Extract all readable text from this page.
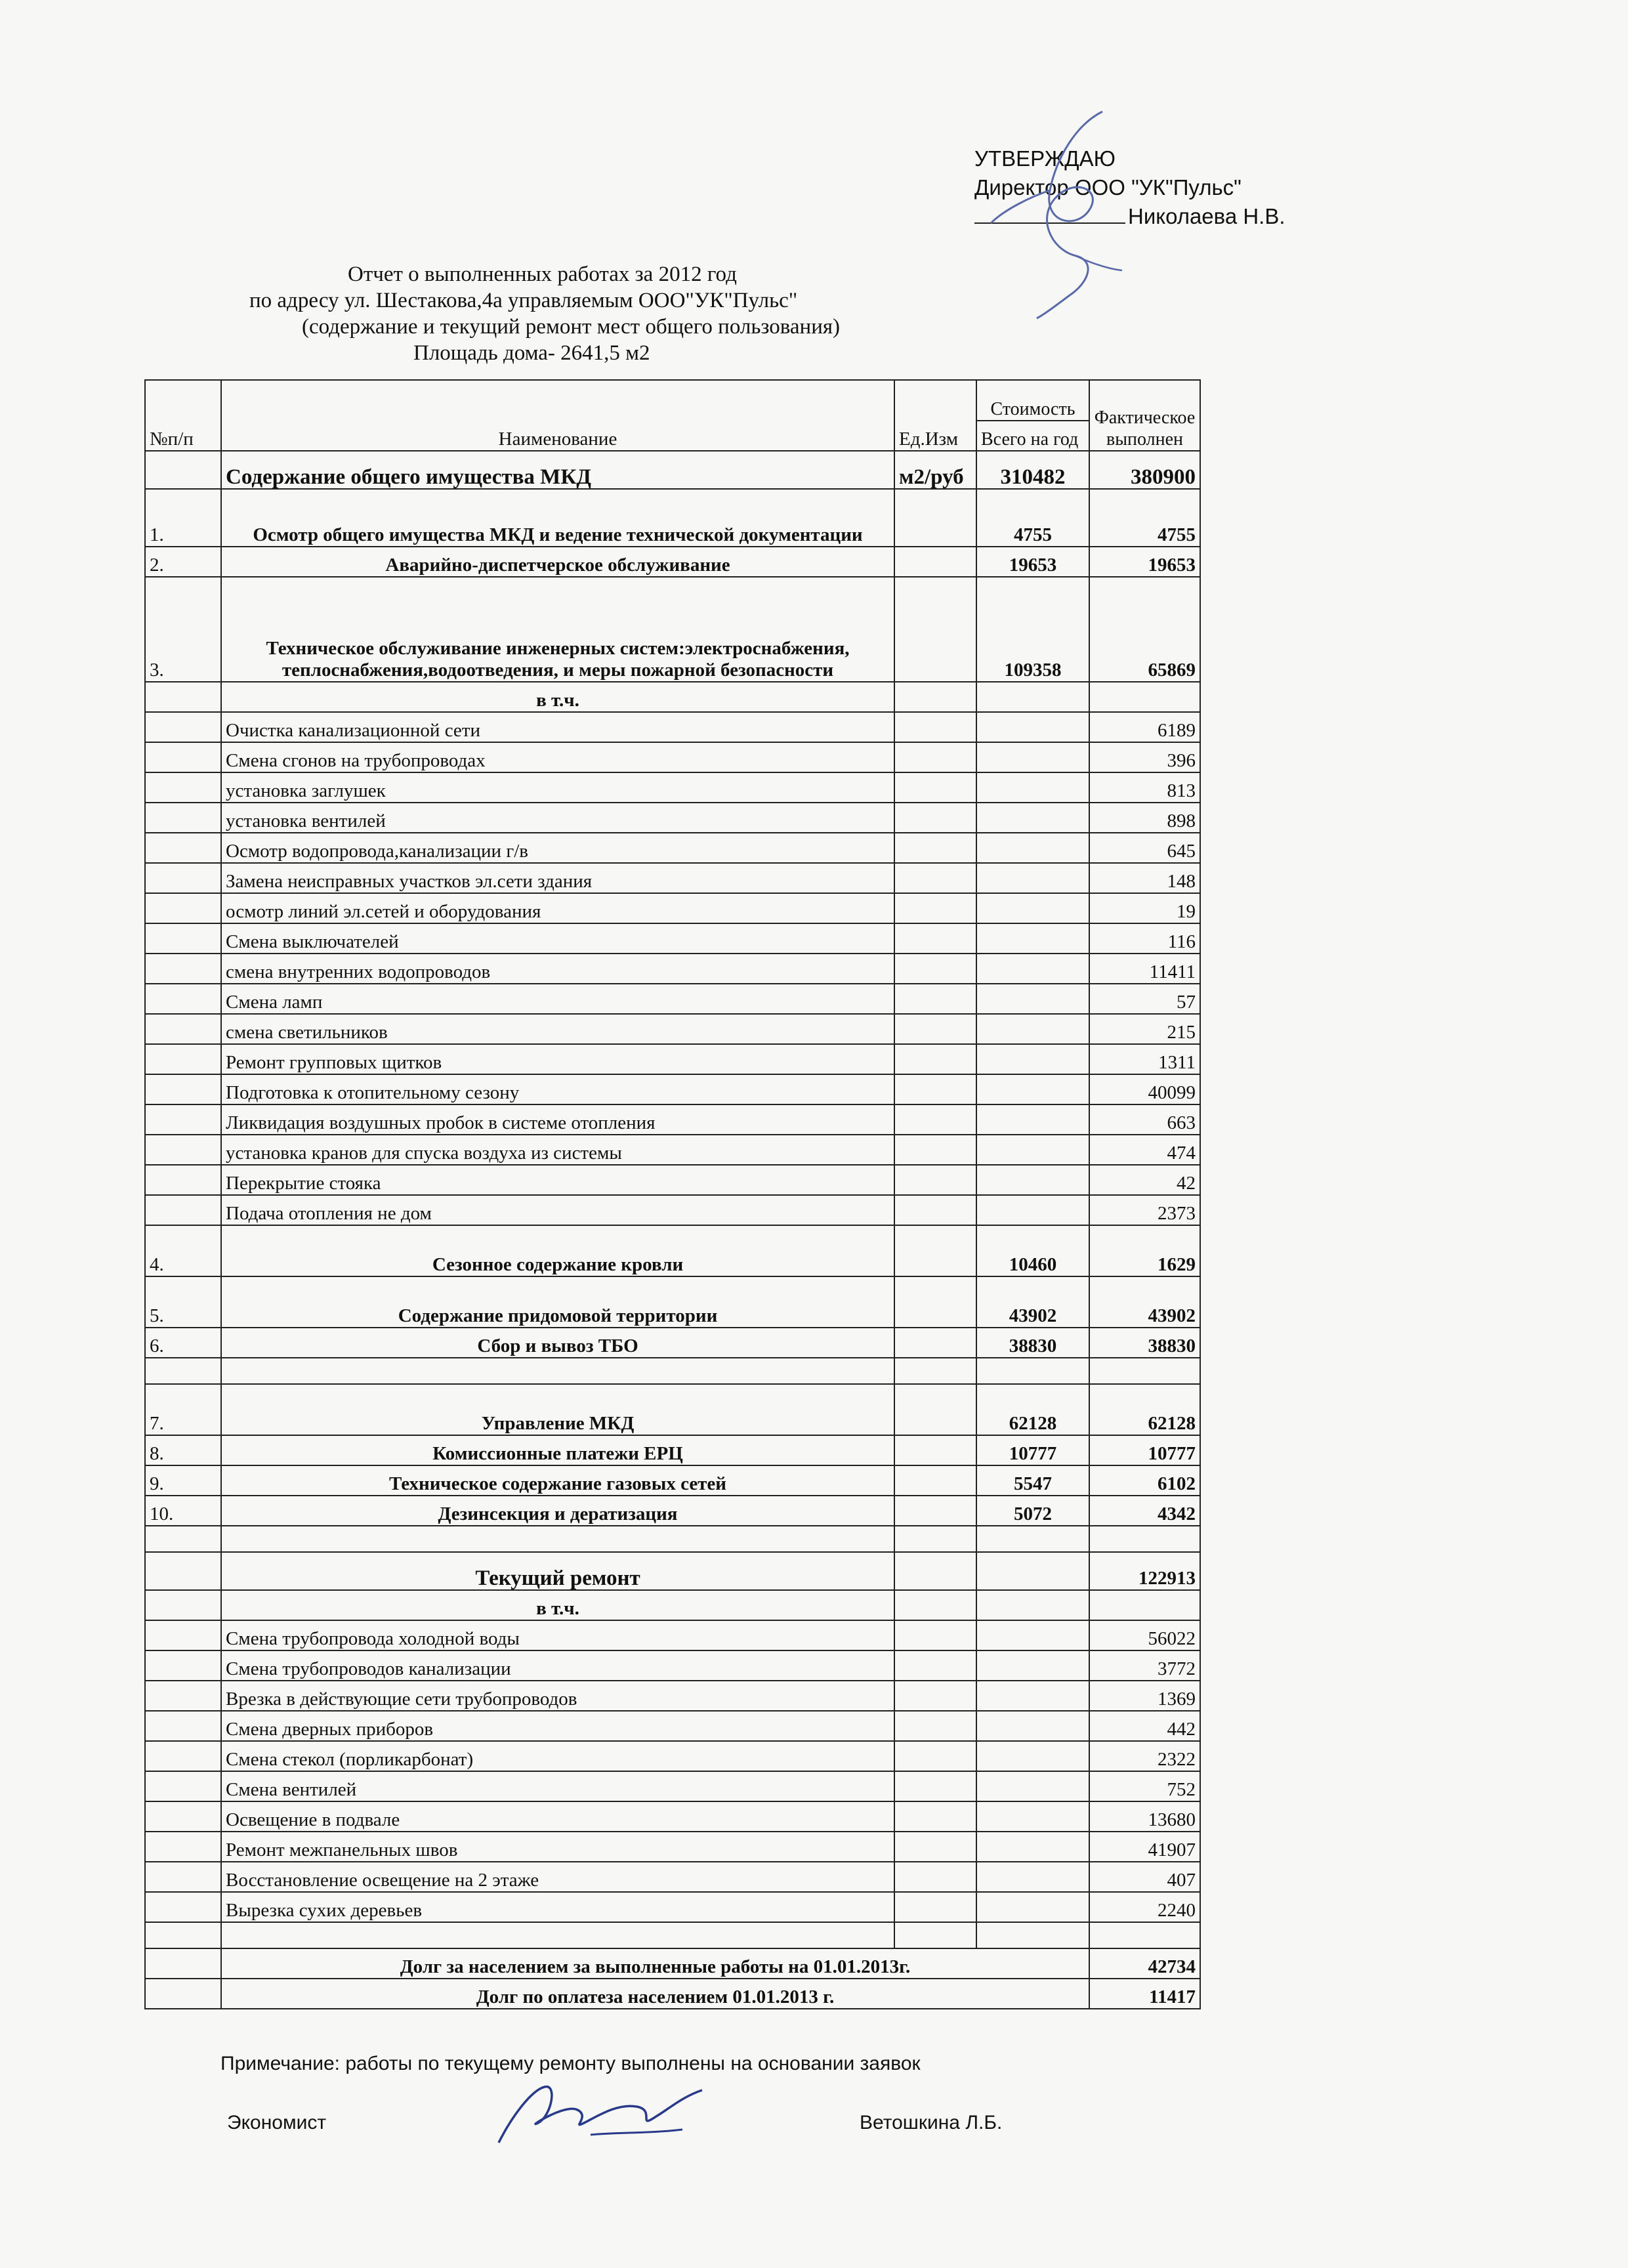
УТВЕРЖДАЮ
Директор ООО "УК"Пульс"
Николаева Н.В.
Отчет о выполненных работах за 2012 год
по адресу ул. Шестакова,4а управляемым ООО"УК"Пульс"
(содержание и текущий ремонт мест общего пользования)
Площадь дома- 2641,5 м2
№п/п	Наименование	Ед.Изм	Стоимость	Фактическое выполнен
			Всего на год	

	Содержание общего имущества МКД	м2/руб	310482	380900
1.	Осмотр общего имущества МКД и ведение технической документации		4755	4755
2.	Аварийно-диспетчерское обслуживание		19653	19653
3.	Техническое обслуживание инженерных систем:электроснабжения, теплоснабжения,водоотведения, и меры пожарной безопасности		109358	65869
	в т.ч.			
	Очистка канализационной сети			6189
	Смена сгонов на трубопроводах			396
	установка заглушек			813
	установка вентилей			898
	Осмотр водопровода,канализации г/в			645
	Замена неисправных участков эл.сети здания			148
	осмотр линий эл.сетей и оборудования			19
	Смена выключателей			116
	смена внутренних водопроводов			11411
	Смена ламп			57
	смена светильников			215
	Ремонт групповых щитков			1311
	Подготовка к отопительному сезону			40099
	Ликвидация воздушных пробок в системе отопления			663
	установка кранов для спуска воздуха из системы			474
	Перекрытие стояка			42
	Подача отопления не дом			2373
4.	Сезонное содержание кровли		10460	1629
5.	Содержание придомовой территории		43902	43902
6.	Сбор и вывоз ТБО		38830	38830

7.	Управление МКД		62128	62128
8.	Комиссионные платежи ЕРЦ		10777	10777
9.	Техническое содержание газовых сетей		5547	6102
10.	Дезинсекция и дератизация		5072	4342

	Текущий ремонт			122913
	в т.ч.			
	Смена трубопровода холодной воды			56022
	Смена трубопроводов канализации			3772
	Врезка в действующие сети трубопроводов			1369
	Смена дверных приборов			442
	Смена стекол (порликарбонат)			2322
	Смена вентилей			752
	Освещение в подвале			13680
	Ремонт межпанельных швов			41907
	Восстановление освещение на 2 этаже			407
	Вырезка сухих деревьев			2240

	Долг за населением за выполненные работы на 01.01.2013г.			42734
	Долг по оплатеза населением 01.01.2013 г.			11417
Примечание: работы по текущему ремонту выполнены на основании заявок
Экономист	Ветошкина Л.Б.
